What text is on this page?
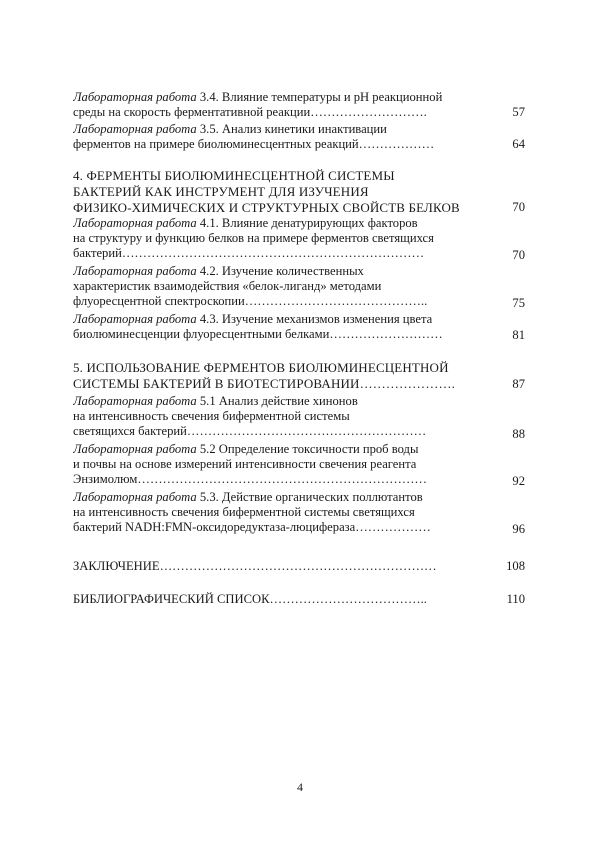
Лабораторная работа 3.4. Влияние температуры и pH реакционной
среды на скорость ферментативной реакции……………………….	57
Лабораторная работа 3.5. Анализ кинетики инактивации
ферментов на примере биолюминесцентных реакций………………	64
4. ФЕРМЕНТЫ БИОЛЮМИНЕСЦЕНТНОЙ СИСТЕМЫ
БАКТЕРИЙ КАК ИНСТРУМЕНТ ДЛЯ ИЗУЧЕНИЯ
ФИЗИКО-ХИМИЧЕСКИХ И СТРУКТУРНЫХ СВОЙСТВ БЕЛКОВ	70
Лабораторная работа 4.1. Влияние денатурирующих факторов
на структуру и функцию белков на примере ферментов светящихся
бактерий………………………………………………………………	70
Лабораторная работа 4.2. Изучение количественных
характеристик взаимодействия «белок-лиганд» методами
флуоресцентной спектроскопии……………………………………..	75
Лабораторная работа 4.3. Изучение механизмов изменения цвета
биолюминесценции флуоресцентными белками………………………	81
5. ИСПОЛЬЗОВАНИЕ ФЕРМЕНТОВ БИОЛЮМИНЕСЦЕНТНОЙ
СИСТЕМЫ БАКТЕРИЙ В БИОТЕСТИРОВАНИИ………………….	87
Лабораторная работа 5.1 Анализ действие хинонов
на интенсивность свечения биферментной системы
светящихся бактерий…………………………………………………	88
Лабораторная работа 5.2 Определение токсичности проб воды
и почвы на основе измерений интенсивности свечения реагента
Энзимолюм……………………………………………………………	92
Лабораторная работа 5.3. Действие органических поллютантов
на интенсивность свечения биферментной системы светящихся
бактерий NADH:FMN-оксидоредуктаза-люцифераза………………	96
ЗАКЛЮЧЕНИЕ…………………………………………………………	108
БИБЛИОГРАФИЧЕСКИЙ СПИСОК………………………………..	110
4
